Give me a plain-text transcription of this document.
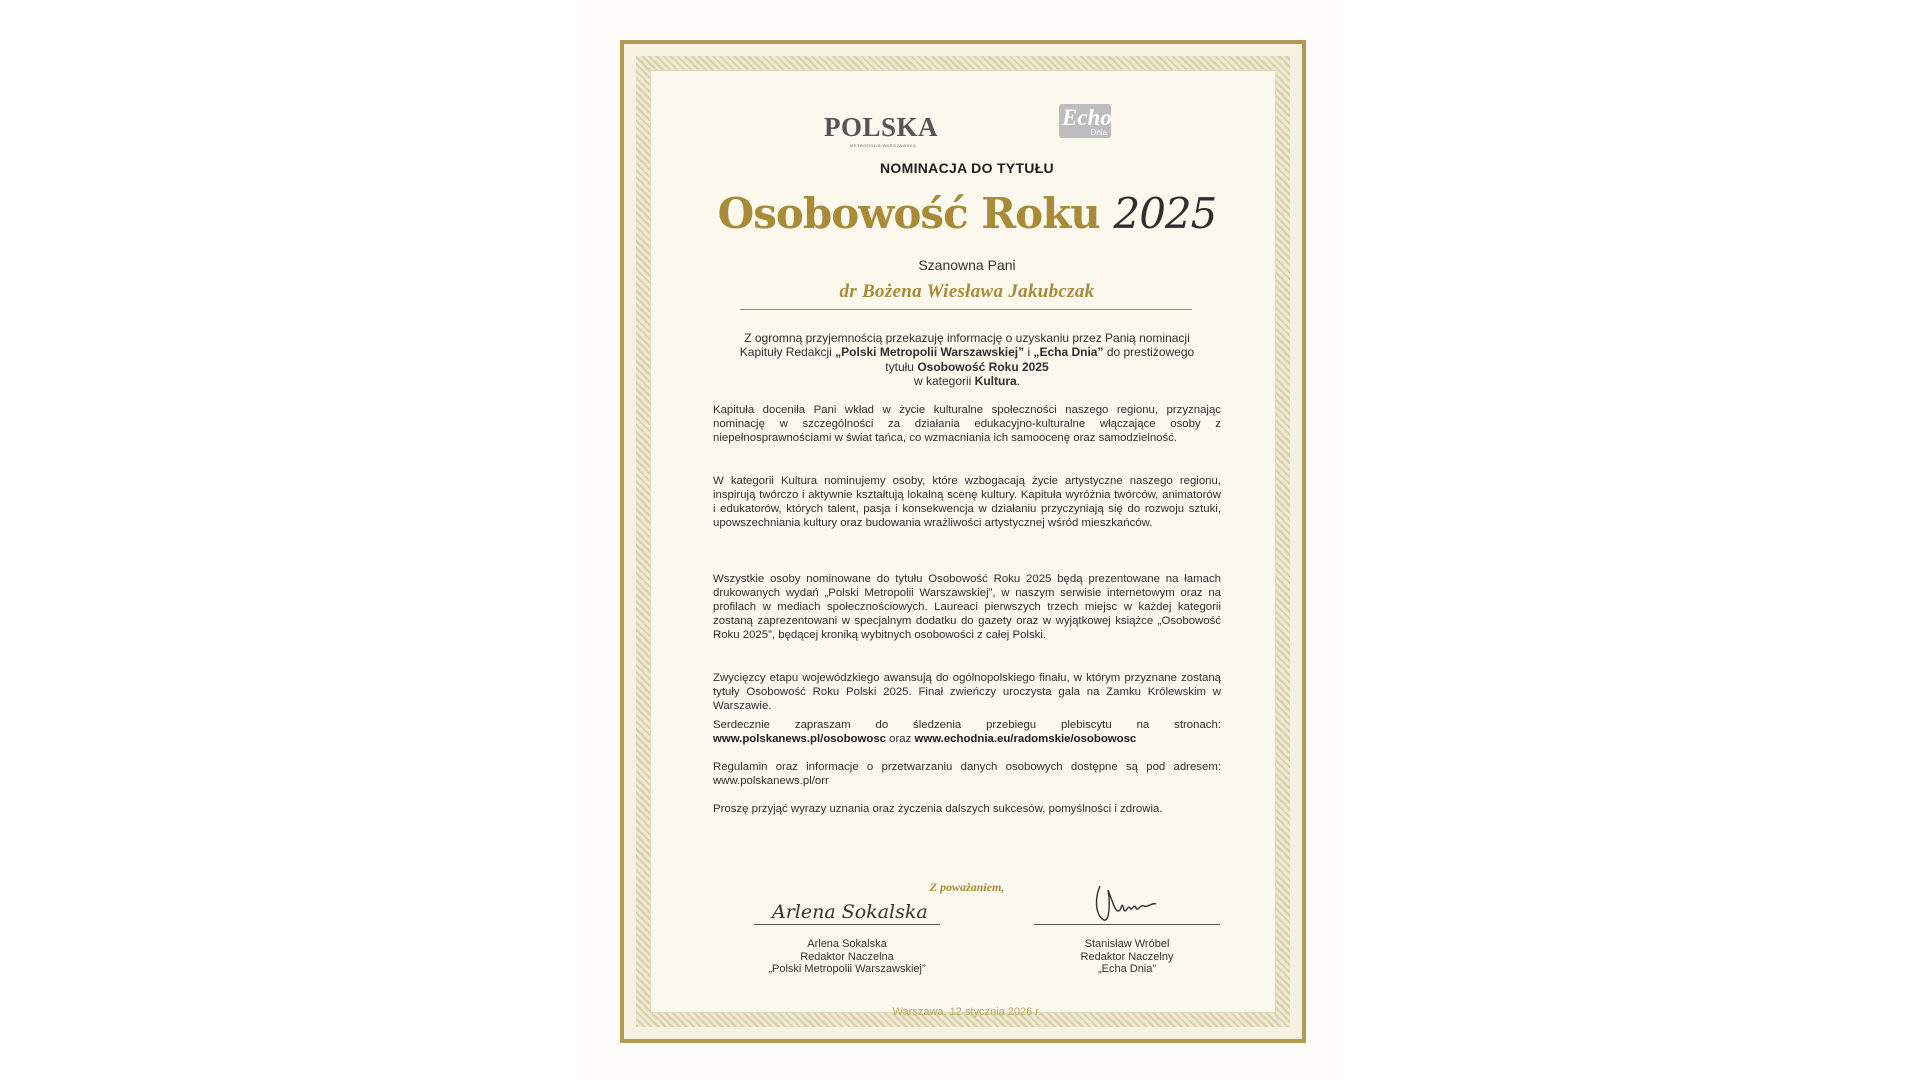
POLSKA
METROPOLIA WARSZAWSKA
Echo
Dnia
NOMINACJA DO TYTUŁU
Osobowość Roku 2025
Szanowna Pani
dr Bożena Wiesława Jakubczak
Z ogromną przyjemnością przekazuję informację o uzyskaniu przez Panią nominacji Kapituły Redakcji „Polski Metropolii Warszawskiej” i „Echa Dnia” do prestiżowego tytułu Osobowość Roku 2025
w kategorii Kultura.
Kapituła doceniła Pani wkład w życie kulturalne społeczności naszego regionu, przyznając nominację w szczególności za działania edukacyjno-kulturalne włączające osoby z niepełnosprawnościami w świat tańca, co wzmacniania ich samoocenę oraz samodzielność.
W kategorii Kultura nominujemy osoby, które wzbogacają życie artystyczne naszego regionu, inspirują twórczo i aktywnie kształtują lokalną scenę kultury. Kapituła wyróżnia twórców, animatorów i edukatorów, których talent, pasja i konsekwencja w działaniu przyczyniają się do rozwoju sztuki, upowszechniania kultury oraz budowania wrażliwości artystycznej wśród mieszkańców.
Wszystkie osoby nominowane do tytułu Osobowość Roku 2025 będą prezentowane na łamach drukowanych wydań „Polski Metropolii Warszawskiej”, w naszym serwisie internetowym oraz na profilach w mediach społecznościowych. Laureaci pierwszych trzech miejsc w każdej kategorii zostaną zaprezentowani w specjalnym dodatku do gazety oraz w wyjątkowej książce „Osobowość Roku 2025”, będącej kroniką wybitnych osobowości z całej Polski.
Zwycięzcy etapu wojewódzkiego awansują do ogólnopolskiego finału, w którym przyznane zostaną tytuły Osobowość Roku Polski 2025. Finał zwieńczy uroczysta gala na Zamku Królewskim w Warszawie.
Serdecznie zapraszam do śledzenia przebiegu plebiscytu na stronach: www.polskanews.pl/osobowosc oraz www.echodnia.eu/radomskie/osobowosc
Regulamin oraz informacje o przetwarzaniu danych osobowych dostępne są pod adresem: www.polskanews.pl/orr
Proszę przyjąć wyrazy uznania oraz życzenia dalszych sukcesów, pomyślności i zdrowia.
Z poważaniem,
Arlena Sokalska
Arlena Sokalska
Redaktor Naczelna
„Polski Metropolii Warszawskiej”
Stanisław Wróbel
Redaktor Naczelny
„Echa Dnia”
Warszawa, 12 stycznia 2026 r.
